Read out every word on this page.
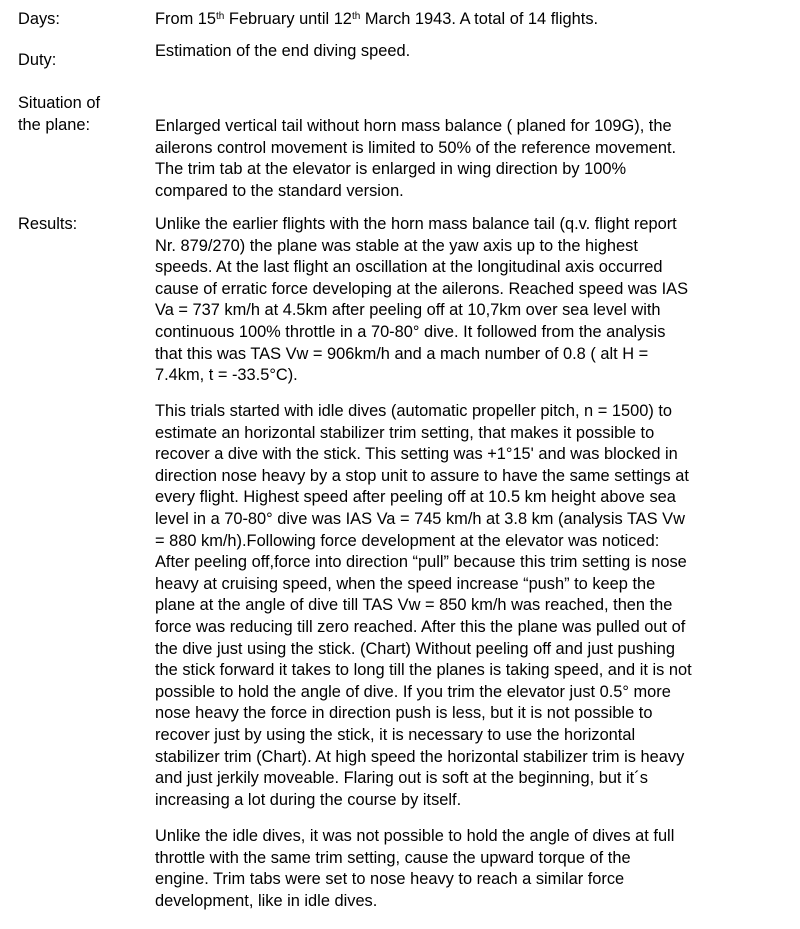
Days:	From 15th February until 12th March 1943. A total of 14 flights.
Duty:	Estimation of the end diving speed.
Situation of
the plane:	Enlarged vertical tail without horn mass balance ( planed for 109G), the
ailerons control movement is limited to 50% of the reference movement.
The trim tab at the elevator is enlarged in wing direction by 100%
compared to the standard version.
Results:	Unlike the earlier flights with the horn mass balance tail (q.v. flight report
Nr. 879/270) the plane was stable at the yaw axis up to the highest
speeds. At the last flight an oscillation at the longitudinal axis occurred
cause of erratic force developing at the ailerons. Reached speed was IAS
Va = 737 km/h at 4.5km after peeling off at 10,7km over sea level with
continuous 100% throttle in a 70-80° dive. It followed from the analysis
that this was TAS Vw = 906km/h and a mach number of 0.8 ( alt H =
7.4km, t = -33.5°C).
This trials started with idle dives (automatic propeller pitch, n = 1500) to
estimate an horizontal stabilizer trim setting, that makes it possible to
recover a dive with the stick. This setting was +1°15' and was blocked in
direction nose heavy by a stop unit to assure to have the same settings at
every flight. Highest speed after peeling off at 10.5 km height above sea
level in a 70-80° dive was IAS Va = 745 km/h at 3.8 km (analysis TAS Vw
= 880 km/h).Following force development at the elevator was noticed:
After peeling off,force into direction “pull” because this trim setting is nose
heavy at cruising speed, when the speed increase “push” to keep the
plane at the angle of dive till TAS Vw = 850 km/h was reached, then the
force was reducing till zero reached. After this the plane was pulled out of
the dive just using the stick. (Chart) Without peeling off and just pushing
the stick forward it takes to long till the planes is taking speed, and it is not
possible to hold the angle of dive. If you trim the elevator just 0.5° more
nose heavy the force in direction push is less, but it is not possible to
recover just by using the stick, it is necessary to use the horizontal
stabilizer trim (Chart). At high speed the horizontal stabilizer trim is heavy
and just jerkily moveable. Flaring out is soft at the beginning, but it´s
increasing a lot during the course by itself.
Unlike the idle dives, it was not possible to hold the angle of dives at full
throttle with the same trim setting, cause the upward torque of the
engine. Trim tabs were set to nose heavy to reach a similar force
development, like in idle dives.
